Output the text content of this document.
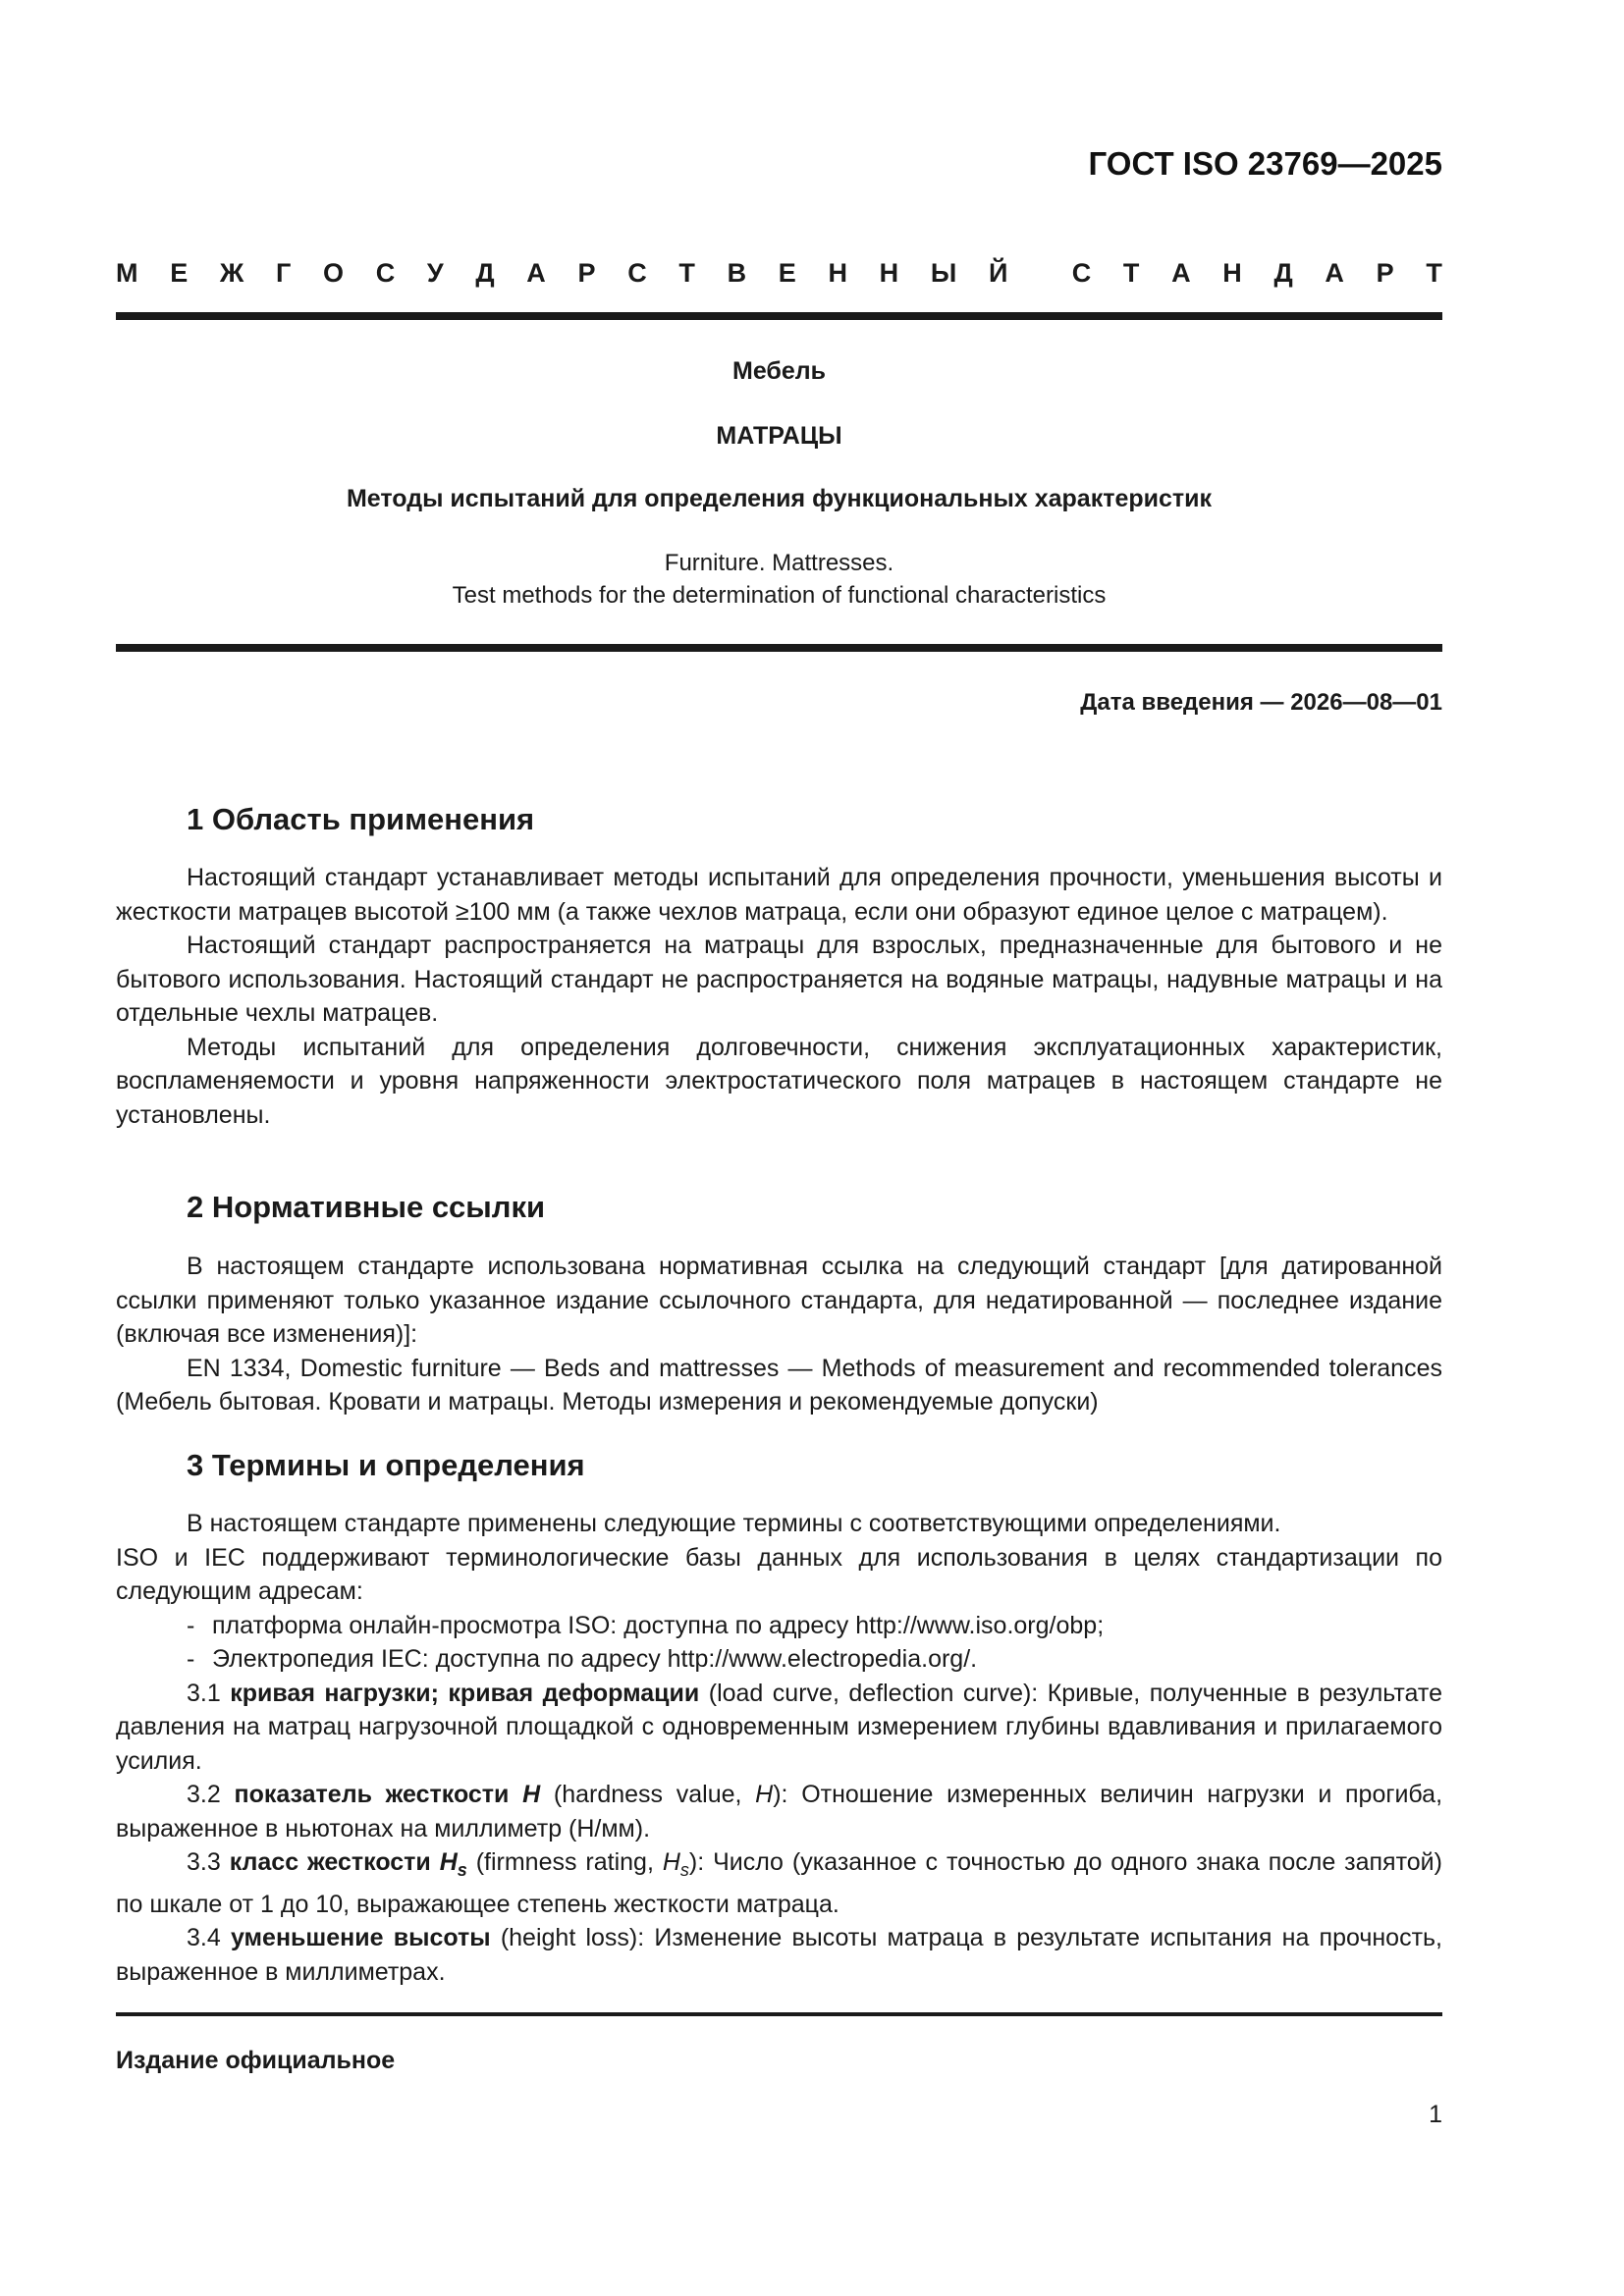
ГОСТ ISO 23769—2025
М Е Ж Г О С У Д А Р С Т В Е Н Н Ы Й С Т А Н Д А Р Т
Мебель
МАТРАЦЫ
Методы испытаний для определения функциональных характеристик
Furniture. Mattresses.
Test methods for the determination of functional characteristics
Дата введения — 2026—08—01
1 Область применения

Настоящий стандарт устанавливает методы испытаний для определения прочности, уменьшения высоты и жесткости матрацев высотой ≥100 мм (а также чехлов матраца, если они образуют единое целое с матрацем).

Настоящий стандарт распространяется на матрацы для взрослых, предназначенные для бытового и не бытового использования. Настоящий стандарт не распространяется на водяные матрацы, надувные матрацы и на отдельные чехлы матрацев.

Методы испытаний для определения долговечности, снижения эксплуатационных характеристик, воспламеняемости и уровня напряженности электростатического поля матрацев в настоящем стандарте не установлены.

2 Нормативные ссылки

В настоящем стандарте использована нормативная ссылка на следующий стандарт [для датированной ссылки применяют только указанное издание ссылочного стандарта, для недатированной — последнее издание (включая все изменения)]:

EN 1334, Domestic furniture — Beds and mattresses — Methods of measurement and recommended tolerances (Мебель бытовая. Кровати и матрацы. Методы измерения и рекомендуемые допуски)

3 Термины и определения

В настоящем стандарте применены следующие термины с соответствующими определениями.

ISO и IEC поддерживают терминологические базы данных для использования в целях стандартизации по следующим адресам:

- платформа онлайн-просмотра ISO: доступна по адресу http://www.iso.org/obp;
- Электропедия IEC: доступна по адресу http://www.electropedia.org/.

3.1 кривая нагрузки; кривая деформации (load curve, deflection curve): Кривые, полученные в результате давления на матрац нагрузочной площадкой с одновременным измерением глубины вдавливания и прилагаемого усилия.

3.2 показатель жесткости H (hardness value, H): Отношение измеренных величин нагрузки и прогиба, выраженное в ньютонах на миллиметр (Н/мм).

3.3 класс жесткости $H_s$ (firmness rating, $H_s$): Число (указанное с точностью до одного знака после запятой) по шкале от 1 до 10, выражающее степень жесткости матраца.

3.4 уменьшение высоты (height loss): Изменение высоты матраца в результате испытания на прочность, выраженное в миллиметрах.

Издание официальное
1
